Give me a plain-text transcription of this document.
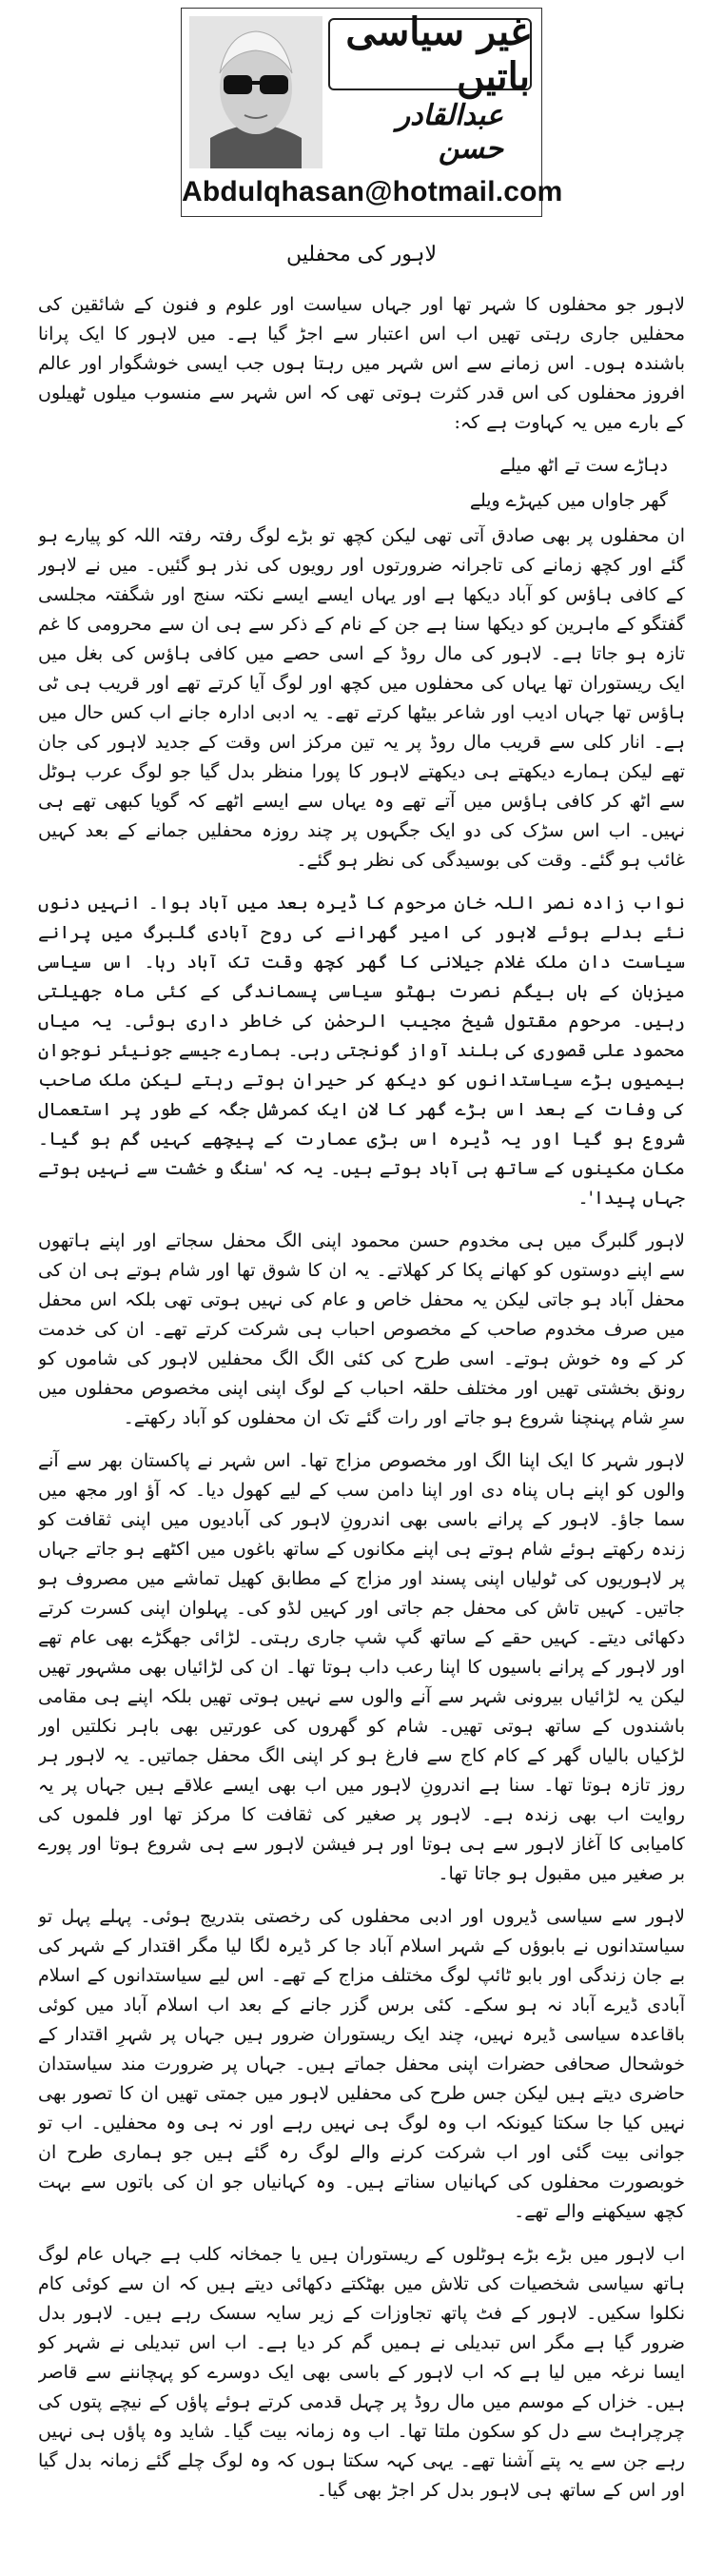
غیر سیاسی باتیں
عبدالقادر حسن
Abdulqhasan@hotmail.com
لاہور کی محفلیں

لاہور جو محفلوں کا شہر تھا اور جہاں سیاست اور علوم و فنون کے شائقین کی محفلیں جاری رہتی تھیں اب اس اعتبار سے اجڑ گیا ہے۔ میں لاہور کا ایک پرانا باشندہ ہوں۔ اس زمانے سے اس شہر میں رہتا ہوں جب ایسی خوشگوار اور عالم افروز محفلوں کی اس قدر کثرت ہوتی تھی کہ اس شہر سے منسوب میلوں ٹھیلوں کے بارے میں یہ کہاوت ہے کہ:

دہاڑے ست تے اٹھ میلے

گھر جاواں میں کیہڑے ویلے

ان محفلوں پر بھی صادق آتی تھی لیکن کچھ تو بڑے لوگ رفتہ رفتہ اللہ کو پیارے ہو گئے اور کچھ زمانے کی تاجرانہ ضرورتوں اور رویوں کی نذر ہو گئیں۔ میں نے لاہور کے کافی ہاؤس کو آباد دیکھا ہے اور یہاں ایسے ایسے نکتہ سنج اور شگفتہ مجلسی گفتگو کے ماہرین کو دیکھا سنا ہے جن کے نام کے ذکر سے ہی ان سے محرومی کا غم تازہ ہو جاتا ہے۔ لاہور کی مال روڈ کے اسی حصے میں کافی ہاؤس کی بغل میں ایک ریستوران تھا یہاں کی محفلوں میں کچھ اور لوگ آیا کرتے تھے اور قریب ہی ٹی ہاؤس تھا جہاں ادیب اور شاعر بیٹھا کرتے تھے۔ یہ ادبی ادارہ جانے اب کس حال میں ہے۔ انار کلی سے قریب مال روڈ پر یہ تین مرکز اس وقت کے جدید لاہور کی جان تھے لیکن ہمارے دیکھتے ہی دیکھتے لاہور کا پورا منظر بدل گیا جو لوگ عرب ہوٹل سے اٹھ کر کافی ہاؤس میں آتے تھے وہ یہاں سے ایسے اٹھے کہ گویا کبھی تھے ہی نہیں۔ اب اس سڑک کی دو ایک جگہوں پر چند روزہ محفلیں جمانے کے بعد کہیں غائب ہو گئے۔ وقت کی بوسیدگی کی نظر ہو گئے۔

نواب زادہ نصر اللہ خان مرحوم کا ڈیرہ بعد میں آباد ہوا۔ انہیں دنوں نئے بدلے ہوئے لاہور کی امیر گھرانے کی روح آبادی گلبرگ میں پرانے سیاست دان ملک غلام جیلانی کا گھر کچھ وقت تک آباد رہا۔ اس سیاسی میزبان کے ہاں بیگم نصرت بھٹو سیاسی پسماندگی کے کئی ماہ جھیلتی رہیں۔ مرحوم مقتول شیخ مجیب الرحمٰن کی خاطر داری ہوئی۔ یہ میاں محمود علی قصوری کی بلند آواز گونجتی رہی۔ ہمارے جیسے جونیئر نوجوان بیمیوں بڑے سیاستدانوں کو دیکھ کر حیران ہوتے رہتے لیکن ملک صاحب کی وفات کے بعد اس بڑے گھر کا لان ایک کمرشل جگہ کے طور پر استعمال شروع ہو گیا اور یہ ڈیرہ اس بڑی عمارت کے پیچھے کہیں گم ہو گیا۔ مکان مکینوں کے ساتھ ہی آباد ہوتے ہیں۔ یہ کہ 'سنگ و خشت سے نہیں ہوتے جہاں پیدا'۔

لاہور گلبرگ میں ہی مخدوم حسن محمود اپنی الگ محفل سجاتے اور اپنے ہاتھوں سے اپنے دوستوں کو کھانے پکا کر کھلاتے۔ یہ ان کا شوق تھا اور شام ہوتے ہی ان کی محفل آباد ہو جاتی لیکن یہ محفل خاص و عام کی نہیں ہوتی تھی بلکہ اس محفل میں صرف مخدوم صاحب کے مخصوص احباب ہی شرکت کرتے تھے۔ ان کی خدمت کر کے وہ خوش ہوتے۔ اسی طرح کی کئی الگ الگ محفلیں لاہور کی شاموں کو رونق بخشتی تھیں اور مختلف حلقہ احباب کے لوگ اپنی اپنی مخصوص محفلوں میں سرِ شام پہنچنا شروع ہو جاتے اور رات گئے تک ان محفلوں کو آباد رکھتے۔

لاہور شہر کا ایک اپنا الگ اور مخصوص مزاج تھا۔ اس شہر نے پاکستان بھر سے آنے والوں کو اپنے ہاں پناہ دی اور اپنا دامن سب کے لیے کھول دیا۔ کہ آؤ اور مجھ میں سما جاؤ۔ لاہور کے پرانے باسی بھی اندرونِ لاہور کی آبادیوں میں اپنی ثقافت کو زندہ رکھتے ہوئے شام ہوتے ہی اپنے مکانوں کے ساتھ باغوں میں اکٹھے ہو جاتے جہاں پر لاہوریوں کی ٹولیاں اپنی پسند اور مزاج کے مطابق کھیل تماشے میں مصروف ہو جاتیں۔ کہیں تاش کی محفل جم جاتی اور کہیں لڈو کی۔ پہلوان اپنی کسرت کرتے دکھائی دیتے۔ کہیں حقے کے ساتھ گپ شپ جاری رہتی۔ لڑائی جھگڑے بھی عام تھے اور لاہور کے پرانے باسیوں کا اپنا رعب داب ہوتا تھا۔ ان کی لڑائیاں بھی مشہور تھیں لیکن یہ لڑائیاں بیرونی شہر سے آنے والوں سے نہیں ہوتی تھیں بلکہ اپنے ہی مقامی باشندوں کے ساتھ ہوتی تھیں۔ شام کو گھروں کی عورتیں بھی باہر نکلتیں اور لڑکیاں بالیاں گھر کے کام کاج سے فارغ ہو کر اپنی الگ محفل جماتیں۔ یہ لاہور ہر روز تازہ ہوتا تھا۔ سنا ہے اندرونِ لاہور میں اب بھی ایسے علاقے ہیں جہاں پر یہ روایت اب بھی زندہ ہے۔ لاہور پر صغیر کی ثقافت کا مرکز تھا اور فلموں کی کامیابی کا آغاز لاہور سے ہی ہوتا اور ہر فیشن لاہور سے ہی شروع ہوتا اور پورے بر صغیر میں مقبول ہو جاتا تھا۔

لاہور سے سیاسی ڈیروں اور ادبی محفلوں کی رخصتی بتدریج ہوئی۔ پہلے پہل تو سیاستدانوں نے بابوؤں کے شہر اسلام آباد جا کر ڈیرہ لگا لیا مگر اقتدار کے شہر کی بے جان زندگی اور بابو ٹائپ لوگ مختلف مزاج کے تھے۔ اس لیے سیاستدانوں کے اسلام آبادی ڈیرے آباد نہ ہو سکے۔ کئی برس گزر جانے کے بعد اب اسلام آباد میں کوئی باقاعدہ سیاسی ڈیرہ نہیں، چند ایک ریستوران ضرور ہیں جہاں پر شہرِ اقتدار کے خوشحال صحافی حضرات اپنی محفل جماتے ہیں۔ جہاں پر ضرورت مند سیاستدان حاضری دیتے ہیں لیکن جس طرح کی محفلیں لاہور میں جمتی تھیں ان کا تصور بھی نہیں کیا جا سکتا کیونکہ اب وہ لوگ ہی نہیں رہے اور نہ ہی وہ محفلیں۔ اب تو جوانی بیت گئی اور اب شرکت کرنے والے لوگ رہ گئے ہیں جو ہماری طرح ان خوبصورت محفلوں کی کہانیاں سناتے ہیں۔ وہ کہانیاں جو ان کی باتوں سے بہت کچھ سیکھنے والے تھے۔

اب لاہور میں بڑے بڑے ہوٹلوں کے ریستوران ہیں یا جمخانہ کلب ہے جہاں عام لوگ ہاتھ سیاسی شخصیات کی تلاش میں بھٹکتے دکھائی دیتے ہیں کہ ان سے کوئی کام نکلوا سکیں۔ لاہور کے فٹ پاتھ تجاوزات کے زیر سایہ سسک رہے ہیں۔ لاہور بدل ضرور گیا ہے مگر اس تبدیلی نے ہمیں گم کر دیا ہے۔ اب اس تبدیلی نے شہر کو ایسا نرغہ میں لیا ہے کہ اب لاہور کے باسی بھی ایک دوسرے کو پہچاننے سے قاصر ہیں۔ خزاں کے موسم میں مال روڈ پر چہل قدمی کرتے ہوئے پاؤں کے نیچے پتوں کی چرچراہٹ سے دل کو سکون ملتا تھا۔ اب وہ زمانہ بیت گیا۔ شاید وہ پاؤں ہی نہیں رہے جن سے یہ پتے آشنا تھے۔ یہی کہہ سکتا ہوں کہ وہ لوگ چلے گئے زمانہ بدل گیا اور اس کے ساتھ ہی لاہور بدل کر اجڑ بھی گیا۔
